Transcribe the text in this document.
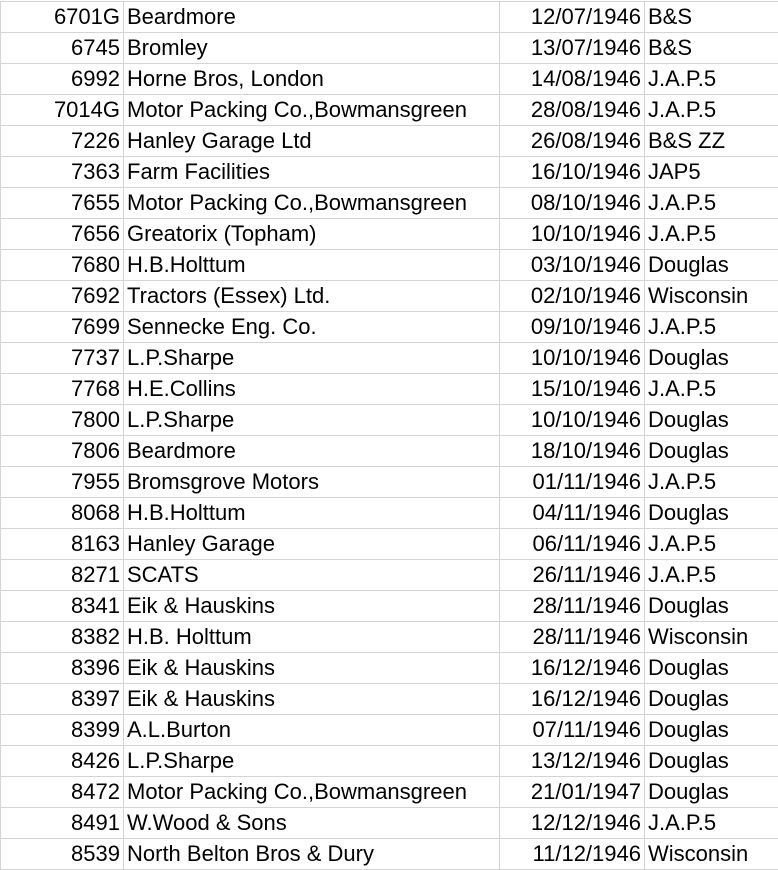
6701G	Beardmore	12/07/1946	B&S
6745	Bromley	13/07/1946	B&S
6992	Horne Bros, London	14/08/1946	J.A.P.5
7014G	Motor Packing Co.,Bowmansgreen	28/08/1946	J.A.P.5
7226	Hanley Garage Ltd	26/08/1946	B&S ZZ
7363	Farm Facilities	16/10/1946	JAP5
7655	Motor Packing Co.,Bowmansgreen	08/10/1946	J.A.P.5
7656	Greatorix (Topham)	10/10/1946	J.A.P.5
7680	H.B.Holttum	03/10/1946	Douglas
7692	Tractors (Essex) Ltd.	02/10/1946	Wisconsin
7699	Sennecke Eng. Co.	09/10/1946	J.A.P.5
7737	L.P.Sharpe	10/10/1946	Douglas
7768	H.E.Collins	15/10/1946	J.A.P.5
7800	L.P.Sharpe	10/10/1946	Douglas
7806	Beardmore	18/10/1946	Douglas
7955	Bromsgrove Motors	01/11/1946	J.A.P.5
8068	H.B.Holttum	04/11/1946	Douglas
8163	Hanley Garage	06/11/1946	J.A.P.5
8271	SCATS	26/11/1946	J.A.P.5
8341	Eik & Hauskins	28/11/1946	Douglas
8382	H.B. Holttum	28/11/1946	Wisconsin
8396	Eik & Hauskins	16/12/1946	Douglas
8397	Eik & Hauskins	16/12/1946	Douglas
8399	A.L.Burton	07/11/1946	Douglas
8426	L.P.Sharpe	13/12/1946	Douglas
8472	Motor Packing Co.,Bowmansgreen	21/01/1947	Douglas
8491	W.Wood & Sons	12/12/1946	J.A.P.5
8539	North Belton Bros & Dury	11/12/1946	Wisconsin
